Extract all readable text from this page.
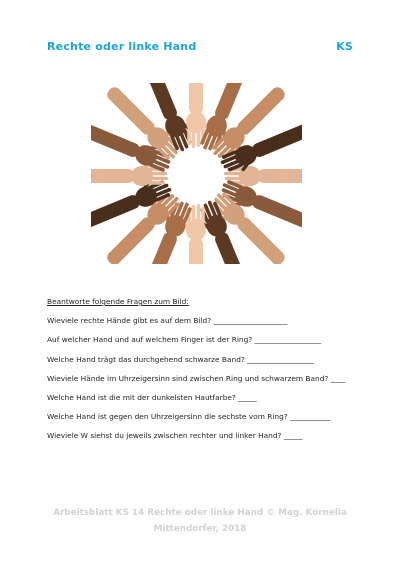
Rechte oder linke Hand	KS

Beantworte folgende Fragen zum Bild:

Wieviele rechte Hände gibt es auf dem Bild? ____________________

Auf welcher Hand und auf welchem Finger ist der Ring? __________________

Welche Hand trägt das durchgehend schwarze Band? __________________

Wieviele Hände im Uhrzeigersinn sind zwischen Ring und schwarzem Band? ____

Welche Hand ist die mit der dunkelsten Hautfarbe? _____

Welche Hand ist gegen den Uhrzeigersinn die sechste vom Ring? ___________

Wieviele W siehst du jeweils zwischen rechter und linker Hand? _____

Arbeitsblatt KS 14 Rechte oder linke Hand © Mag. Kornelia
Mittendorfer, 2018
